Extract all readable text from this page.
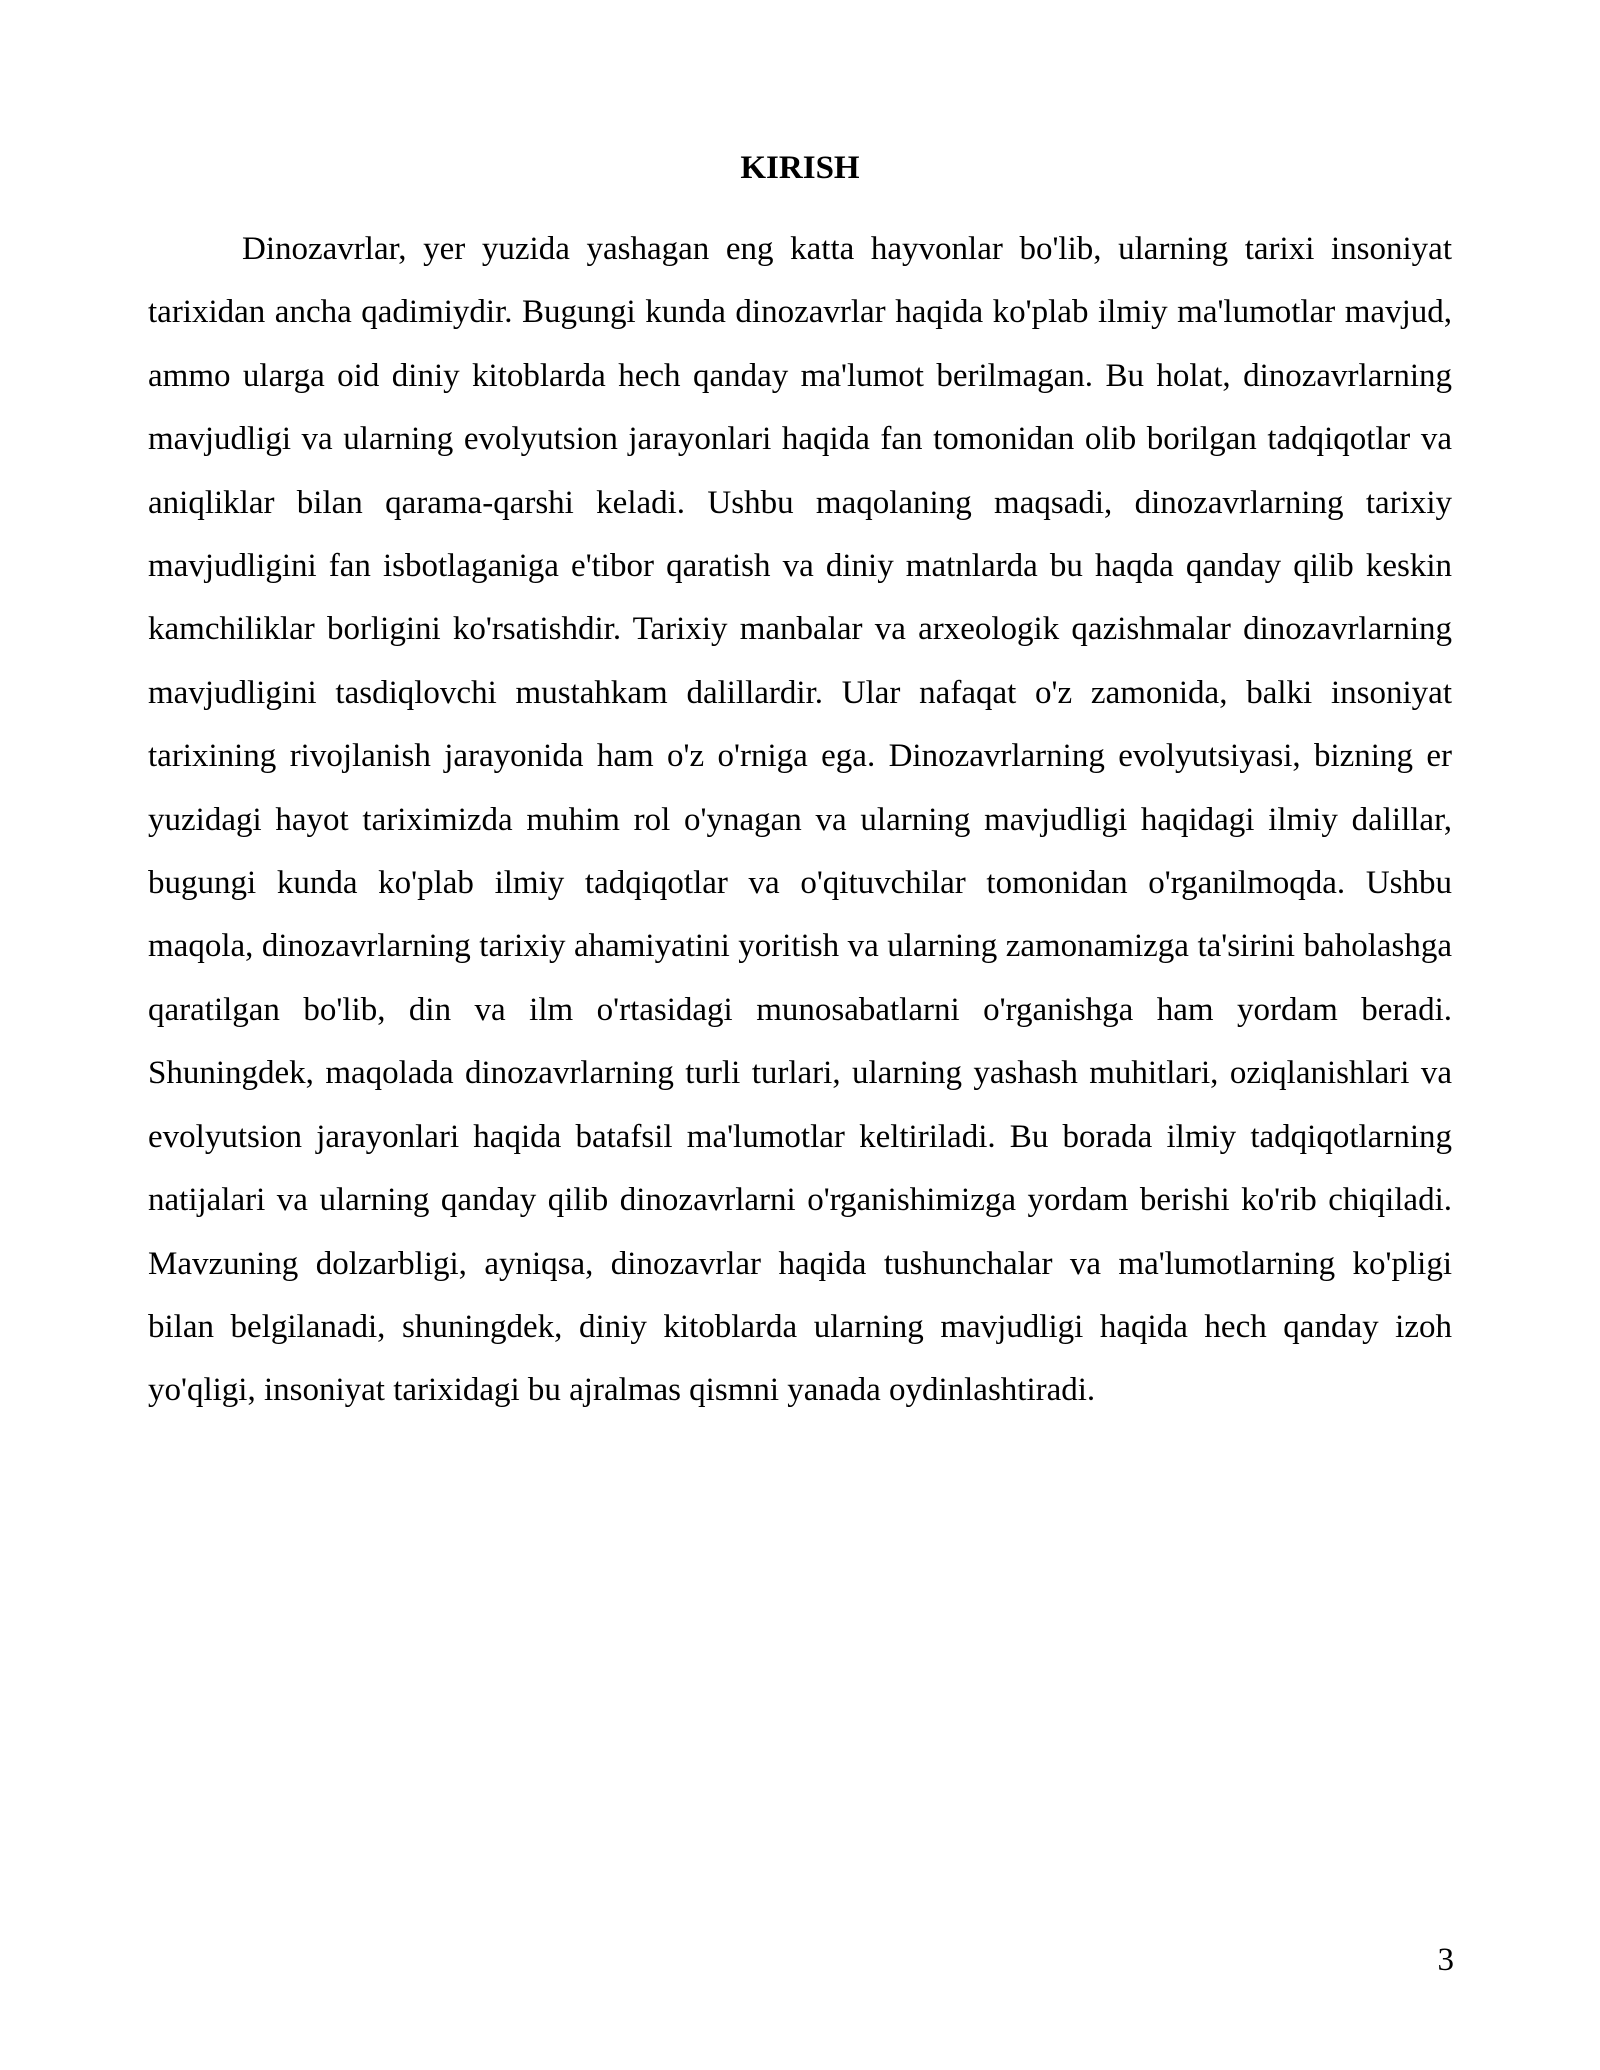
KIRISH

Dinozavrlar, yer yuzida yashagan eng katta hayvonlar bo'lib, ularning tarixi insoniyat tarixidan ancha qadimiydir. Bugungi kunda dinozavrlar haqida ko'plab ilmiy ma'lumotlar mavjud, ammo ularga oid diniy kitoblarda hech qanday ma'lumot berilmagan. Bu holat, dinozavrlarning mavjudligi va ularning evolyutsion jarayonlari haqida fan tomonidan olib borilgan tadqiqotlar va aniqliklar bilan qarama-qarshi keladi. Ushbu maqolaning maqsadi, dinozavrlarning tarixiy mavjudligini fan isbotlaganiga e'tibor qaratish va diniy matnlarda bu haqda qanday qilib keskin kamchiliklar borligini ko'rsatishdir. Tarixiy manbalar va arxeologik qazishmalar dinozavrlarning mavjudligini tasdiqlovchi mustahkam dalillardir. Ular nafaqat o'z zamonida, balki insoniyat tarixining rivojlanish jarayonida ham o'z o'rniga ega. Dinozavrlarning evolyutsiyasi, bizning er yuzidagi hayot tariximizda muhim rol o'ynagan va ularning mavjudligi haqidagi ilmiy dalillar, bugungi kunda ko'plab ilmiy tadqiqotlar va o'qituvchilar tomonidan o'rganilmoqda. Ushbu maqola, dinozavrlarning tarixiy ahamiyatini yoritish va ularning zamonamizga ta'sirini baholashga qaratilgan bo'lib, din va ilm o'rtasidagi munosabatlarni o'rganishga ham yordam beradi. Shuningdek, maqolada dinozavrlarning turli turlari, ularning yashash muhitlari, oziqlanishlari va evolyutsion jarayonlari haqida batafsil ma'lumotlar keltiriladi. Bu borada ilmiy tadqiqotlarning natijalari va ularning qanday qilib dinozavrlarni o'rganishimizga yordam berishi ko'rib chiqiladi. Mavzuning dolzarbligi, ayniqsa, dinozavrlar haqida tushunchalar va ma'lumotlarning ko'pligi bilan belgilanadi, shuningdek, diniy kitoblarda ularning mavjudligi haqida hech qanday izoh yo'qligi, insoniyat tarixidagi bu ajralmas qismni yanada oydinlashtiradi.

3
